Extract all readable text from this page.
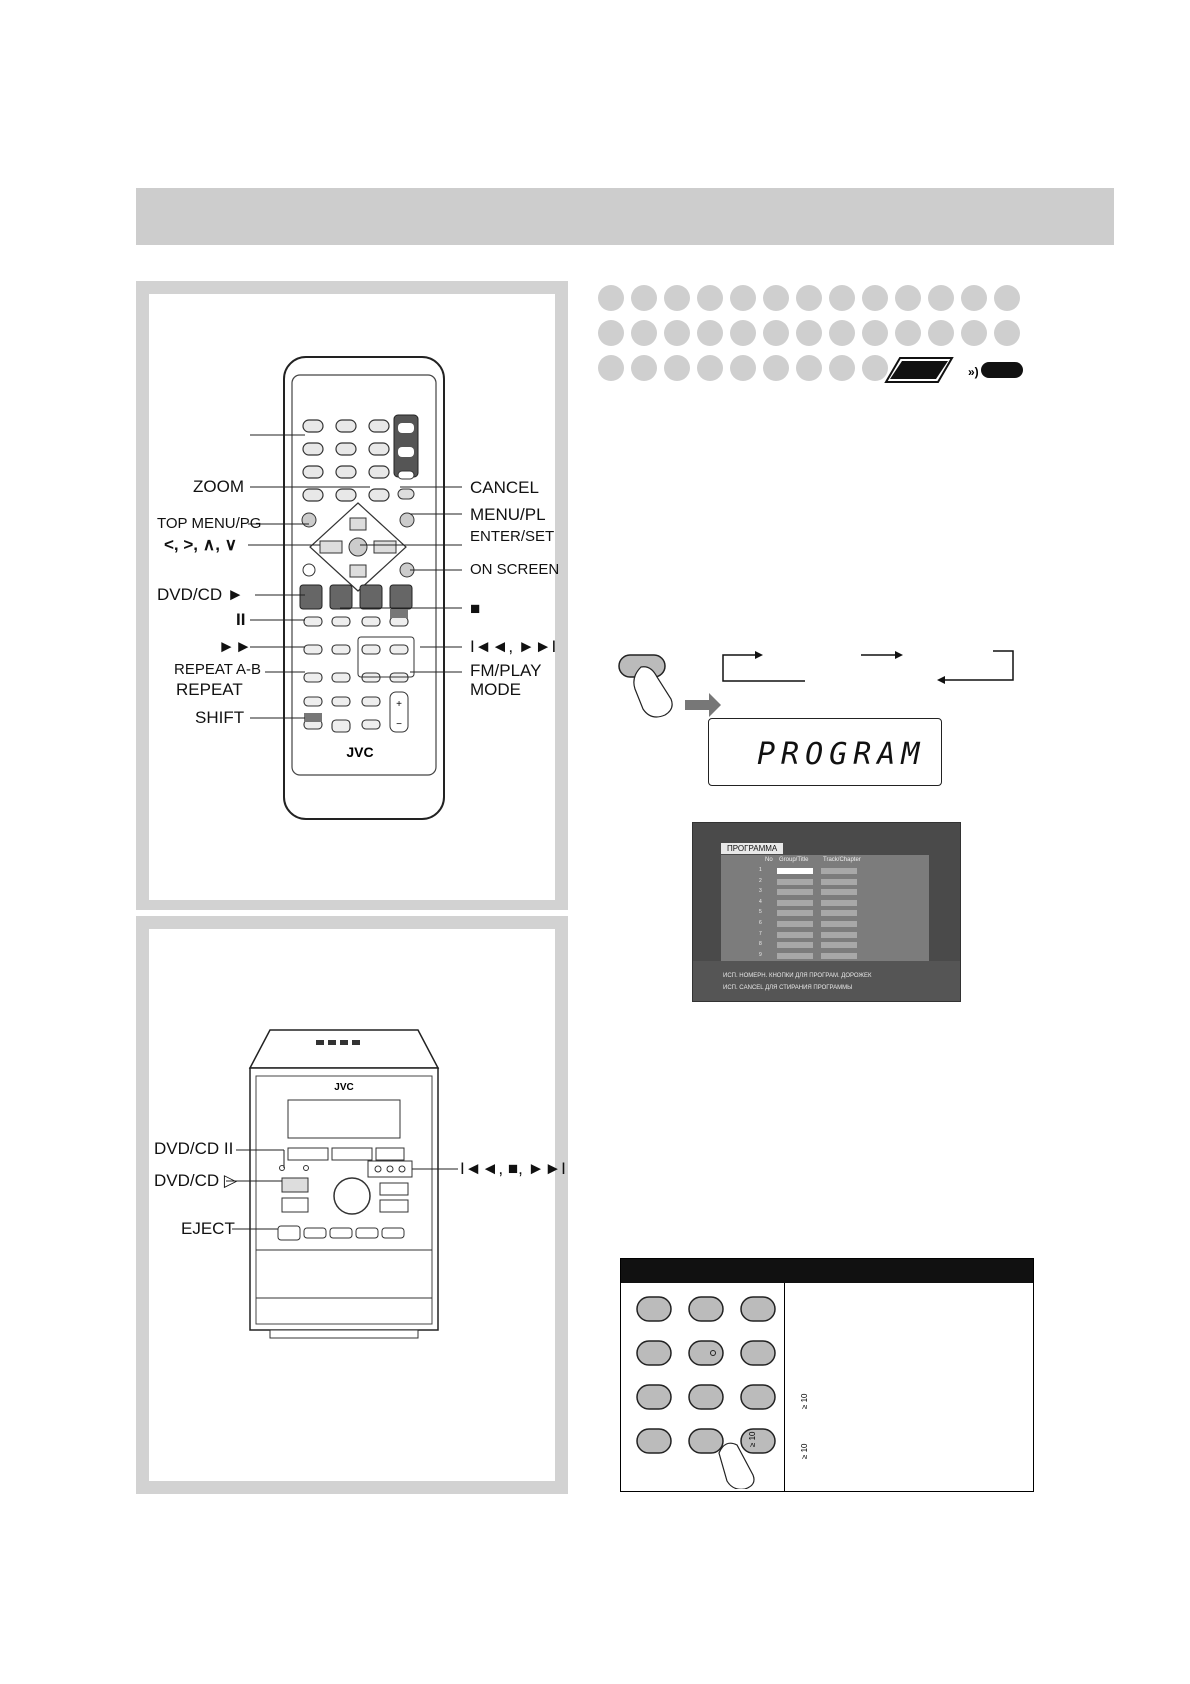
+
−
JVC
ZOOM
TOP MENU/PG
<, >, ∧, ∨
DVD/CD ►
II
►►
REPEAT A-B
REPEAT
SHIFT
CANCEL
MENU/PL
ENTER/SET
ON SCREEN
■
I◄◄, ►►I
FM/PLAY
MODE
JVC
DVD/CD II
DVD/CD ▷
EJECT
I◄◄, ■, ►►I
»)
PROGRAM
ПРОГРАММА
No Group/Title Track/Chapter
1
2
3
4
5
6
7
8
9
ИСП. НОМЕРН. КНОПКИ ДЛЯ ПРОГРАМ. ДОРОЖЕК
ИСП. CANCEL ДЛЯ СТИРАНИЯ ПРОГРАММЫ
≥ 10
≥ 10
≥ 10
